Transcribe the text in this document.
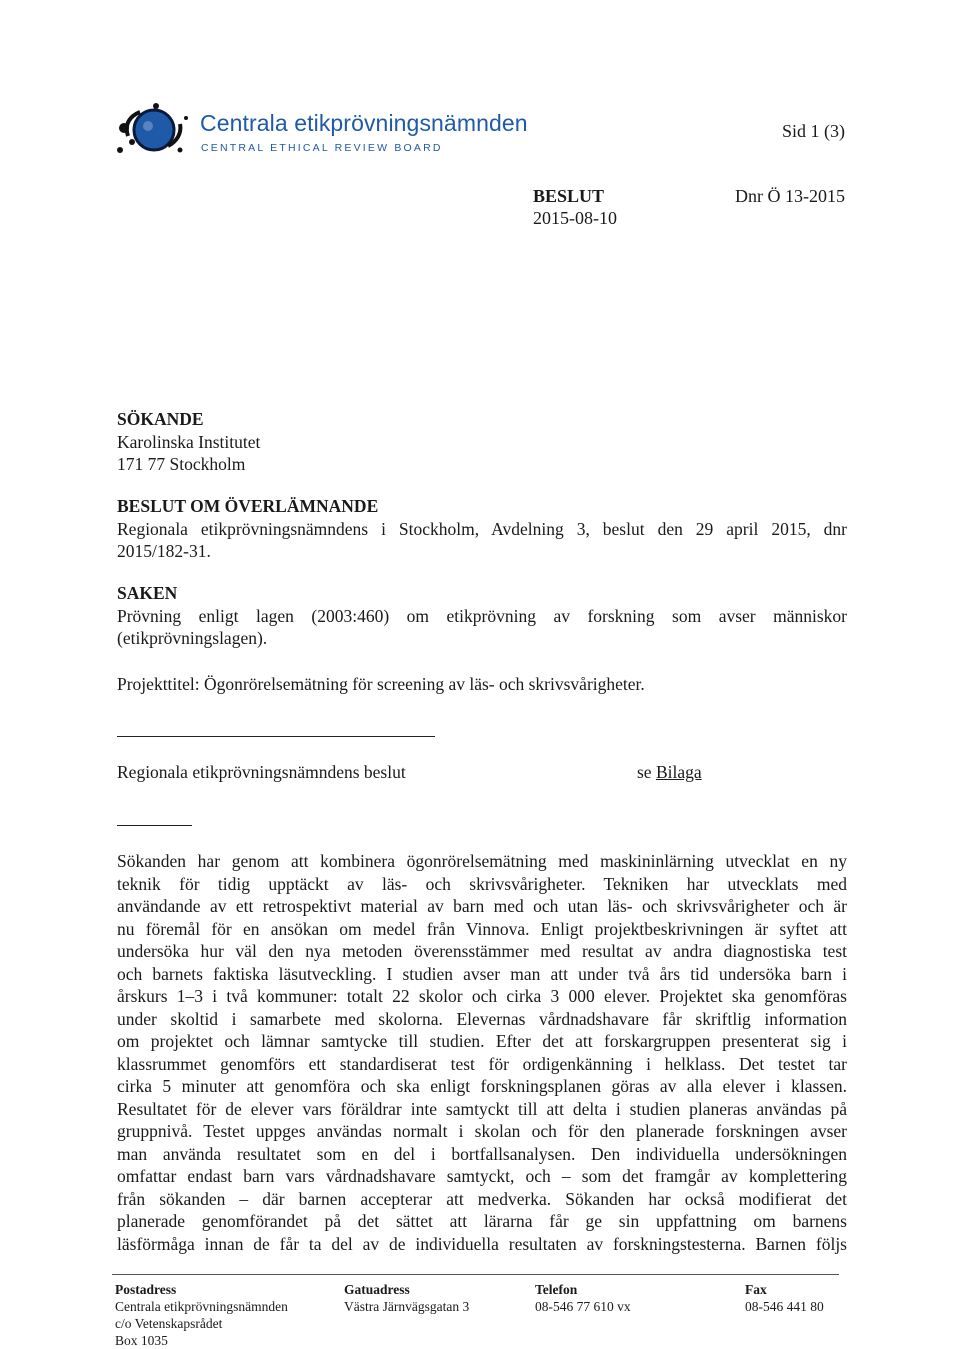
Centrala etikprövningsnämnden
CENTRAL ETHICAL REVIEW BOARD
Sid 1 (3)
BESLUT
2015-08-10
Dnr Ö 13-2015
SÖKANDE
Karolinska Institutet
171 77 Stockholm
BESLUT OM ÖVERLÄMNANDE
Regionala etikprövningsnämndens i Stockholm, Avdelning 3, beslut den 29 april 2015, dnr
2015/182-31.
SAKEN
Prövning enligt lagen (2003:460) om etikprövning av forskning som avser människor
(etikprövningslagen).
Projekttitel: Ögonrörelsemätning för screening av läs- och skrivsvårigheter.
Regionala etikprövningsnämndens beslut	se Bilaga
Sökanden har genom att kombinera ögonrörelsemätning med maskininlärning utvecklat en ny
teknik för tidig upptäckt av läs- och skrivsvårigheter. Tekniken har utvecklats med
användande av ett retrospektivt material av barn med och utan läs- och skrivsvårigheter och är
nu föremål för en ansökan om medel från Vinnova. Enligt projektbeskrivningen är syftet att
undersöka hur väl den nya metoden överensstämmer med resultat av andra diagnostiska test
och barnets faktiska läsutveckling. I studien avser man att under två års tid undersöka barn i
årskurs 1–3 i två kommuner: totalt 22 skolor och cirka 3 000 elever. Projektet ska genomföras
under skoltid i samarbete med skolorna. Elevernas vårdnadshavare får skriftlig information
om projektet och lämnar samtycke till studien. Efter det att forskargruppen presenterat sig i
klassrummet genomförs ett standardiserat test för ordigenkänning i helklass. Det testet tar
cirka 5 minuter att genomföra och ska enligt forskningsplanen göras av alla elever i klassen.
Resultatet för de elever vars föräldrar inte samtyckt till att delta i studien planeras användas på
gruppnivå. Testet uppges användas normalt i skolan och för den planerade forskningen avser
man använda resultatet som en del i bortfallsanalysen. Den individuella undersökningen
omfattar endast barn vars vårdnadshavare samtyckt, och – som det framgår av komplettering
från sökanden – där barnen accepterar att medverka. Sökanden har också modifierat det
planerade genomförandet på det sättet att lärarna får ge sin uppfattning om barnens
läsförmåga innan de får ta del av de individuella resultaten av forskningstesterna. Barnen följs
Postadress
Centrala etikprövningsnämnden
c/o Vetenskapsrådet
Box 1035
Gatuadress
Västra Järnvägsgatan 3
Telefon
08-546 77 610 vx
Fax
08-546 441 80
